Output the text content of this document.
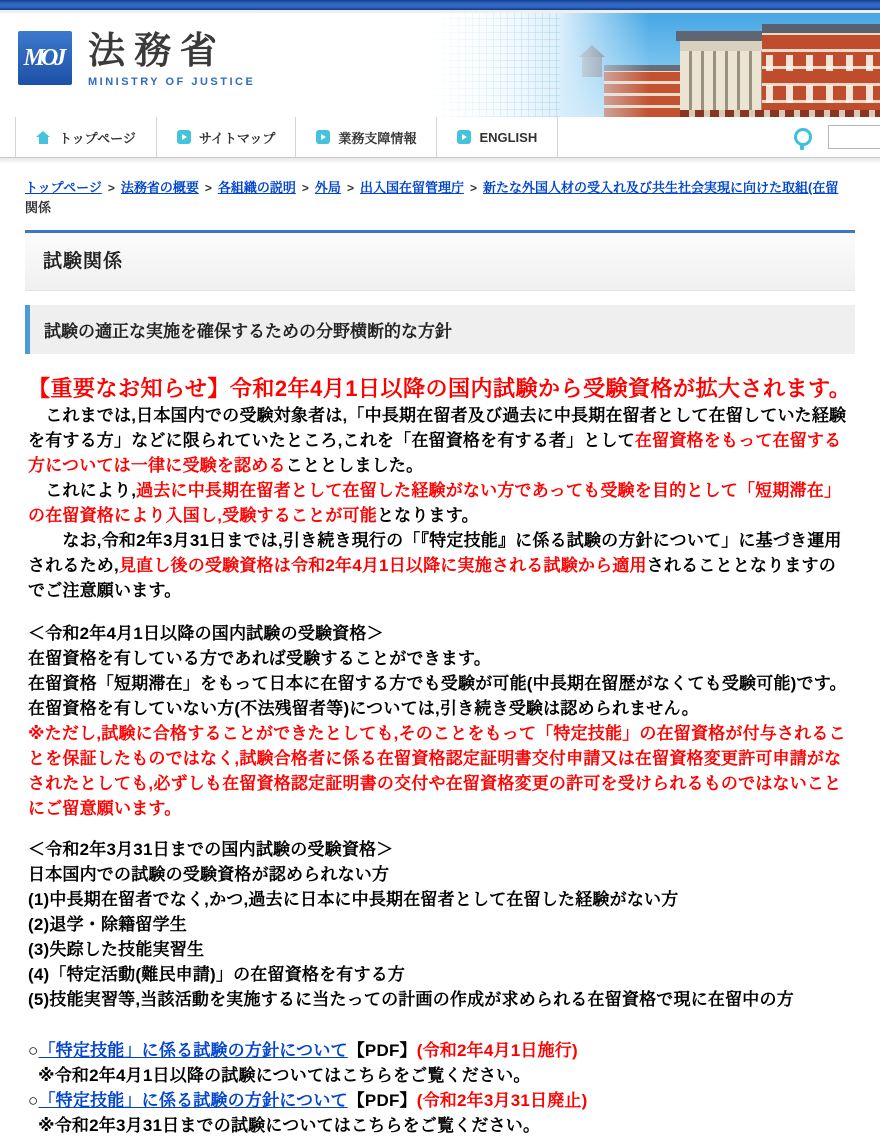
MOJ 法務省
MINISTRY OF JUSTICE
トップページ	サイトマップ	業務支障情報	ENGLISH
トップページ > 法務省の概要 > 各組織の説明 > 外局 > 出入国在留管理庁 > 新たな外国人材の受入れ及び共生社会実現に向けた取組(在留
関係
試験関係
試験の適正な実施を確保するための分野横断的な方針
【重要なお知らせ】令和2年4月1日以降の国内試験から受験資格が拡大されます。

　これまでは,日本国内での受験対象者は,「中長期在留者及び過去に中長期在留者として在留していた経験を有する方」などに限られていたところ,これを「在留資格を有する者」として在留資格をもって在留する方については一律に受験を認めることとしました。

　これにより,過去に中長期在留者として在留した経験がない方であっても受験を目的として「短期滞在」の在留資格により入国し,受験することが可能となります。

　　なお,令和2年3月31日までは,引き続き現行の「『特定技能』に係る試験の方針について」に基づき運用されるため,見直し後の受験資格は令和2年4月1日以降に実施される試験から適用されることとなりますのでご注意願います。

＜令和2年4月1日以降の国内試験の受験資格＞

在留資格を有している方であれば受験することができます。

在留資格「短期滞在」をもって日本に在留する方でも受験が可能(中長期在留歴がなくても受験可能)です。

在留資格を有していない方(不法残留者等)については,引き続き受験は認められません。

※ただし,試験に合格することができたとしても,そのことをもって「特定技能」の在留資格が付与されることを保証したものではなく,試験合格者に係る在留資格認定証明書交付申請又は在留資格変更許可申請がなされたとしても,必ずしも在留資格認定証明書の交付や在留資格変更の許可を受けられるものではないことにご留意願います。

＜令和2年3月31日までの国内試験の受験資格＞

日本国内での試験の受験資格が認められない方

(1)中長期在留者でなく,かつ,過去に日本に中長期在留者として在留した経験がない方

(2)退学・除籍留学生

(3)失踪した技能実習生

(4)「特定活動(難民申請)」の在留資格を有する方

(5)技能実習等,当該活動を実施するに当たっての計画の作成が求められる在留資格で現に在留中の方

○「特定技能」に係る試験の方針について【PDF】(令和2年4月1日施行)

※令和2年4月1日以降の試験についてはこちらをご覧ください。

○「特定技能」に係る試験の方針について【PDF】(令和2年3月31日廃止)

※令和2年3月31日までの試験についてはこちらをご覧ください。
